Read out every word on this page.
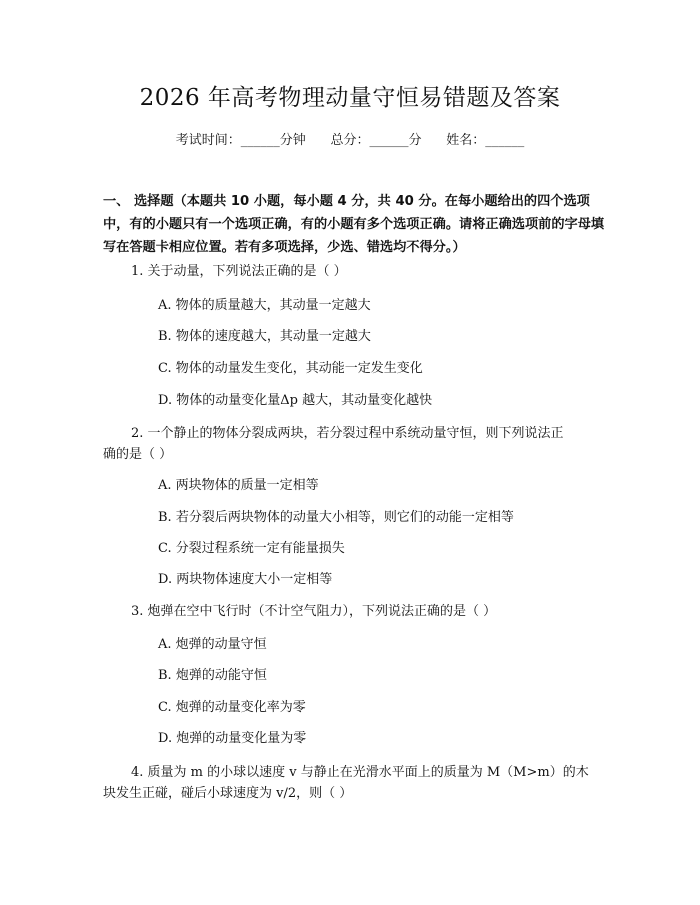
2026 年高考物理动量守恒易错题及答案
考试时间：______分钟      总分：______分      姓名：______
一、 选择题（本题共 10 小题，每小题 4 分，共 40 分。在每小题给出的四个选项中，有的小题只有一个选项正确，有的小题有多个选项正确。请将正确选项前的字母填写在答题卡相应位置。若有多项选择，少选、错选均不得分。）
1. 关于动量，下列说法正确的是（ ）
A. 物体的质量越大，其动量一定越大
B. 物体的速度越大，其动量一定越大
C. 物体的动量发生变化，其动能一定发生变化
D. 物体的动量变化量Δp 越大，其动量变化越快
2. 一个静止的物体分裂成两块，若分裂过程中系统动量守恒，则下列说法正
确的是（ ）
A. 两块物体的质量一定相等
B. 若分裂后两块物体的动量大小相等，则它们的动能一定相等
C. 分裂过程系统一定有能量损失
D. 两块物体速度大小一定相等
3. 炮弹在空中飞行时（不计空气阻力），下列说法正确的是（ ）
A. 炮弹的动量守恒
B. 炮弹的动能守恒
C. 炮弹的动量变化率为零
D. 炮弹的动量变化量为零
4. 质量为 m 的小球以速度 v 与静止在光滑水平面上的质量为 M（M>m）的木
块发生正碰，碰后小球速度为 v/2，则（ ）
